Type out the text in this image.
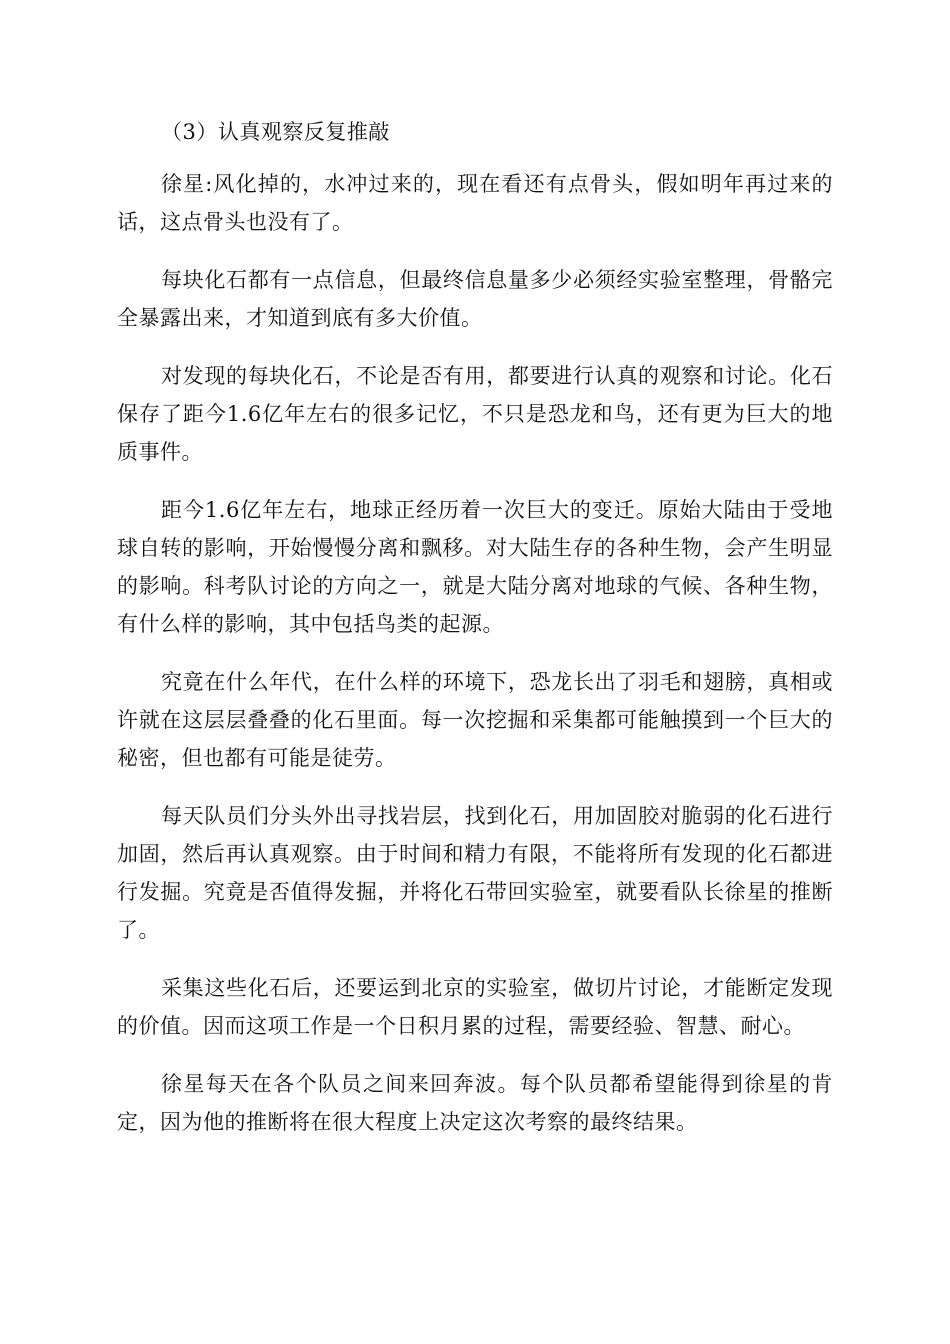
（3）认真观察反复推敲

徐星:风化掉的，水冲过来的，现在看还有点骨头，假如明年再过来的话，这点骨头也没有了。

每块化石都有一点信息，但最终信息量多少必须经实验室整理，骨骼完全暴露出来，才知道到底有多大价值。

对发现的每块化石，不论是否有用，都要进行认真的观察和讨论。化石保存了距今1.6亿年左右的很多记忆，不只是恐龙和鸟，还有更为巨大的地质事件。

距今1.6亿年左右，地球正经历着一次巨大的变迁。原始大陆由于受地球自转的影响，开始慢慢分离和飘移。对大陆生存的各种生物，会产生明显的影响。科考队讨论的方向之一，就是大陆分离对地球的气候、各种生物，有什么样的影响，其中包括鸟类的起源。

究竟在什么年代，在什么样的环境下，恐龙长出了羽毛和翅膀，真相或许就在这层层叠叠的化石里面。每一次挖掘和采集都可能触摸到一个巨大的秘密，但也都有可能是徒劳。

每天队员们分头外出寻找岩层，找到化石，用加固胶对脆弱的化石进行加固，然后再认真观察。由于时间和精力有限，不能将所有发现的化石都进行发掘。究竟是否值得发掘，并将化石带回实验室，就要看队长徐星的推断了。

采集这些化石后，还要运到北京的实验室，做切片讨论，才能断定发现的价值。因而这项工作是一个日积月累的过程，需要经验、智慧、耐心。

徐星每天在各个队员之间来回奔波。每个队员都希望能得到徐星的肯定，因为他的推断将在很大程度上决定这次考察的最终结果。
